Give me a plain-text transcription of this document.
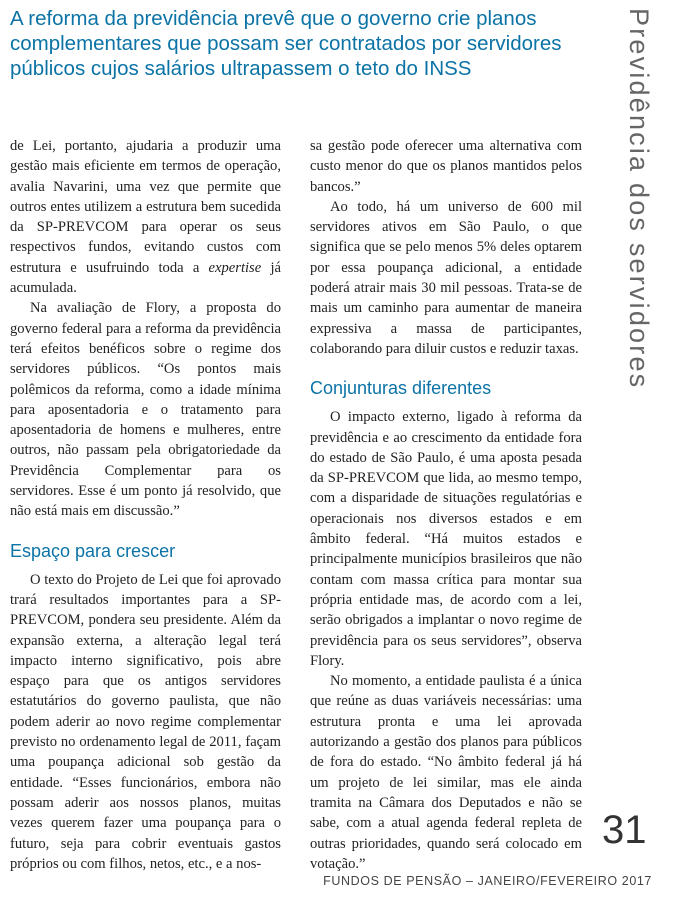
A reforma da previdência prevê que o governo crie planos complementares que possam ser contratados por servidores públicos cujos salários ultrapassem o teto do INSS	Previdência dos servidores

de Lei, portanto, ajudaria a produzir uma gestão mais eficiente em termos de operação, avalia Navarini, uma vez que permite que outros entes utilizem a estrutura bem sucedida da SP-PREVCOM para operar os seus respectivos fundos, evitando custos com estrutura e usufruindo toda a expertise já acumulada.

Na avaliação de Flory, a proposta do governo federal para a reforma da previdência terá efeitos benéficos sobre o regime dos servidores públicos. “Os pontos mais polêmicos da reforma, como a idade mínima para aposentadoria e o tratamento para aposentadoria de homens e mulheres, entre outros, não passam pela obrigatoriedade da Previdência Complementar para os servidores. Esse é um ponto já resolvido, que não está mais em discussão.”

Espaço para crescer

O texto do Projeto de Lei que foi aprovado trará resultados importantes para a SP-PREVCOM, pondera seu presidente. Além da expansão externa, a alteração legal terá impacto interno significativo, pois abre espaço para que os antigos servidores estatutários do governo paulista, que não podem aderir ao novo regime complementar previsto no ordenamento legal de 2011, façam uma poupança adicional sob gestão da entidade. “Esses funcionários, embora não possam aderir aos nossos planos, muitas vezes querem fazer uma poupança para o futuro, seja para cobrir eventuais gastos próprios ou com filhos, netos, etc., e a nos-

sa gestão pode oferecer uma alternativa com custo menor do que os planos mantidos pelos bancos.”

Ao todo, há um universo de 600 mil servidores ativos em São Paulo, o que significa que se pelo menos 5% deles optarem por essa poupança adicional, a entidade poderá atrair mais 30 mil pessoas. Trata-se de mais um caminho para aumentar de maneira expressiva a massa de participantes, colaborando para diluir custos e reduzir taxas.

Conjunturas diferentes

O impacto externo, ligado à reforma da previdência e ao crescimento da entidade fora do estado de São Paulo, é uma aposta pesada da SP-PREVCOM que lida, ao mesmo tempo, com a disparidade de situações regulatórias e operacionais nos diversos estados e em âmbito federal. “Há muitos estados e principalmente municípios brasileiros que não contam com massa crítica para montar sua própria entidade mas, de acordo com a lei, serão obrigados a implantar o novo regime de previdência para os seus servidores”, observa Flory.

No momento, a entidade paulista é a única que reúne as duas variáveis necessárias: uma estrutura pronta e uma lei aprovada autorizando a gestão dos planos para públicos de fora do estado. “No âmbito federal já há um projeto de lei similar, mas ele ainda tramita na Câmara dos Deputados e não se sabe, com a atual agenda federal repleta de outras prioridades, quando será colocado em votação.”

31
FUNDOS DE PENSÃO – JANEIRO/FEVEREIRO 2017
